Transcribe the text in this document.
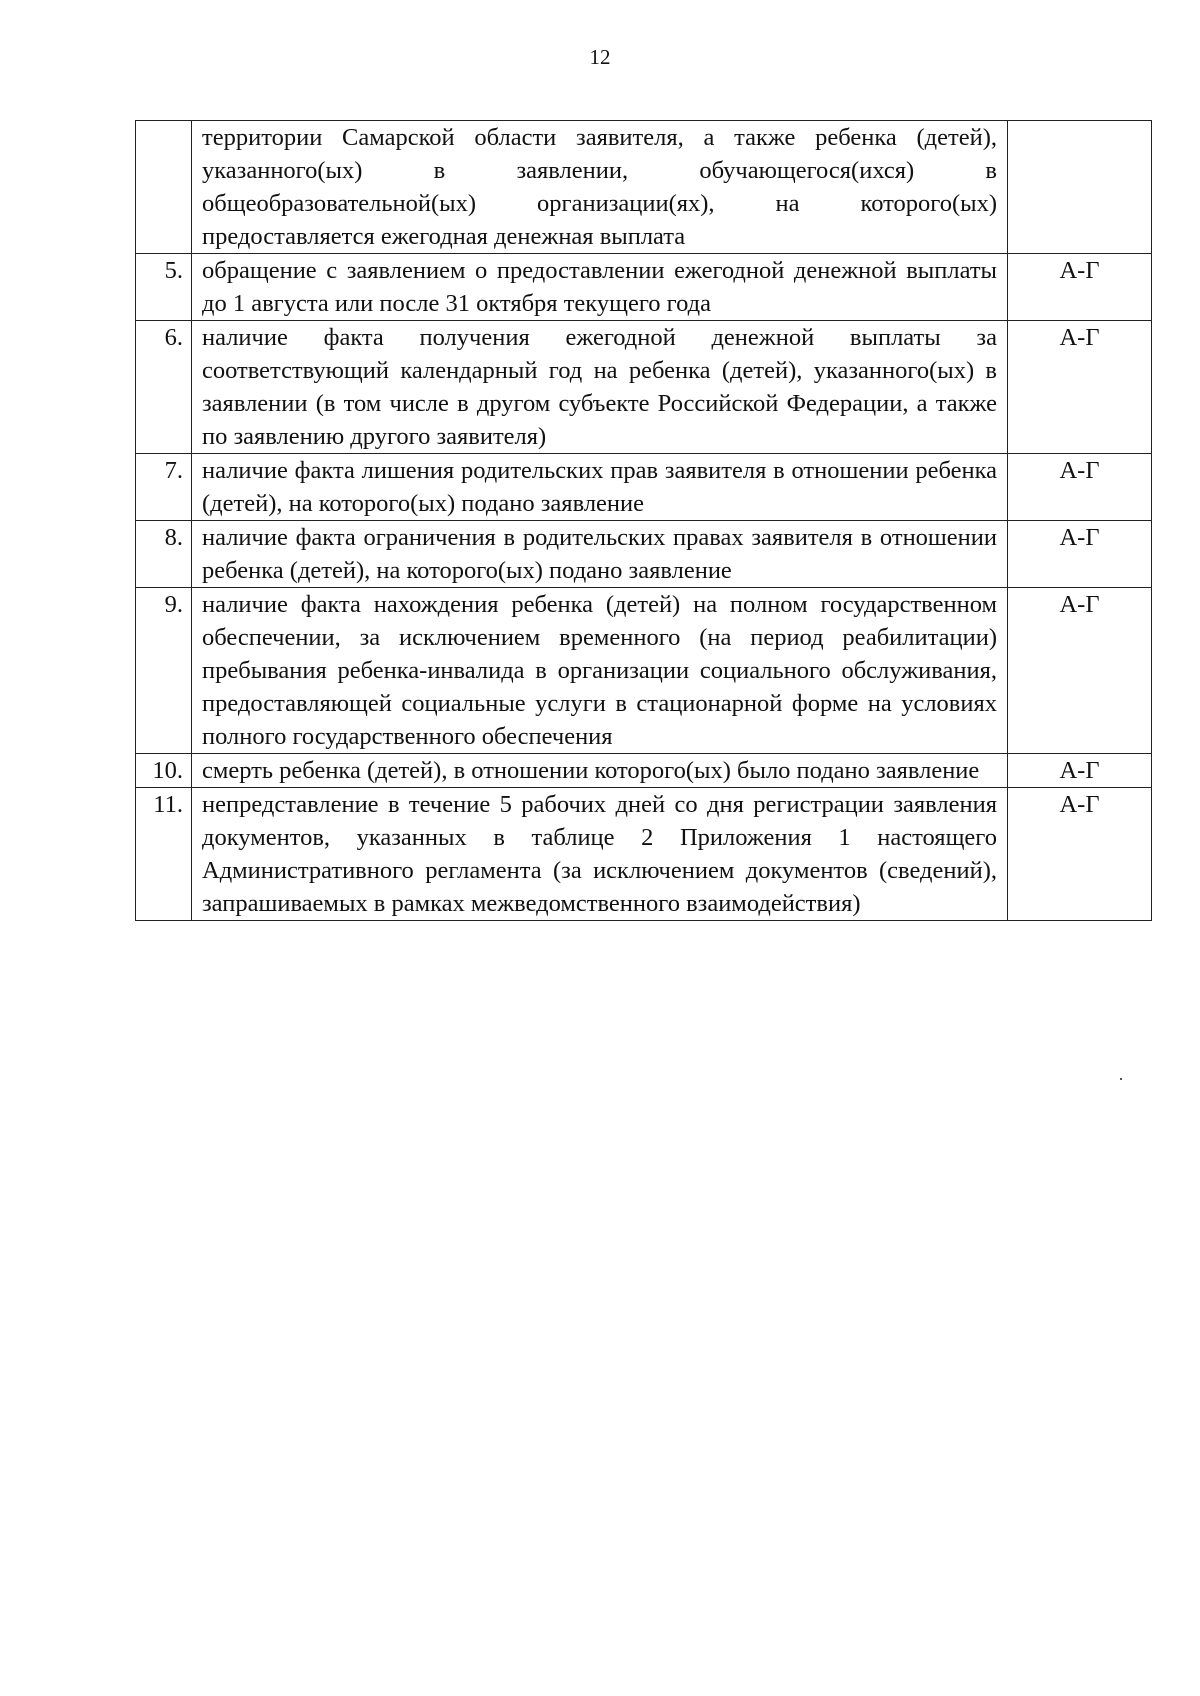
12
	территории Самарской области заявителя, а также ребенка (детей), указанного(ых) в заявлении, обучающегося(ихся) в общеобразовательной(ых) организации(ях), на которого(ых) предоставляется ежегодная денежная выплата	
5.	обращение с заявлением о предоставлении ежегодной денежной выплаты до 1 августа или после 31 октября текущего года	А-Г
6.	наличие факта получения ежегодной денежной выплаты за соответствующий календарный год на ребенка (детей), указанного(ых) в заявлении (в том числе в другом субъекте Российской Федерации, а также по заявлению другого заявителя)	А-Г
7.	наличие факта лишения родительских прав заявителя в отношении ребенка (детей), на которого(ых) подано заявление	А-Г
8.	наличие факта ограничения в родительских правах заявителя в отношении ребенка (детей), на которого(ых) подано заявление	А-Г
9.	наличие факта нахождения ребенка (детей) на полном государственном обеспечении, за исключением временного (на период реабилитации) пребывания ребенка-инвалида в организации социального обслуживания, предоставляющей социальные услуги в стационарной форме на условиях полного государственного обеспечения	А-Г
10.	смерть ребенка (детей), в отношении которого(ых) было подано заявление	А-Г
11.	непредставление в течение 5 рабочих дней со дня регистрации заявления документов, указанных в таблице 2 Приложения 1 настоящего Административного регламента (за исключением документов (сведений), запрашиваемых в рамках межведомственного взаимодействия)	А-Г
